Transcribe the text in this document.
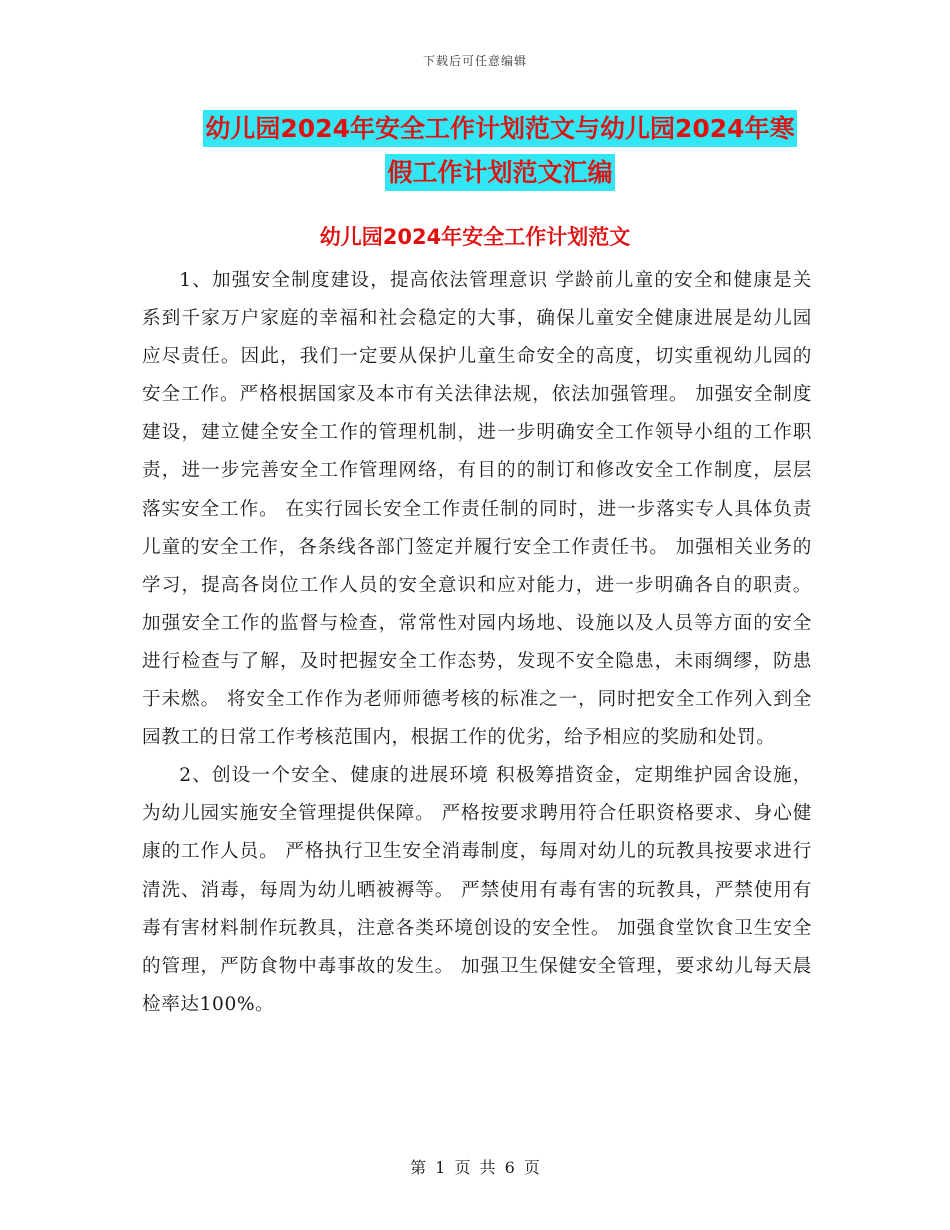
下载后可任意编辑
幼儿园2024年安全工作计划范文与幼儿园2024年寒
假工作计划范文汇编
幼儿园2024年安全工作计划范文

1、加强安全制度建设，提高依法管理意识 学龄前儿童的安全和健康是关系到千家万户家庭的幸福和社会稳定的大事，确保儿童安全健康进展是幼儿园应尽责任。因此，我们一定要从保护儿童生命安全的高度，切实重视幼儿园的安全工作。严格根据国家及本市有关法律法规，依法加强管理。 加强安全制度建设，建立健全安全工作的管理机制，进一步明确安全工作领导小组的工作职责，进一步完善安全工作管理网络，有目的的制订和修改安全工作制度，层层落实安全工作。 在实行园长安全工作责任制的同时，进一步落实专人具体负责儿童的安全工作，各条线各部门签定并履行安全工作责任书。 加强相关业务的学习，提高各岗位工作人员的安全意识和应对能力，进一步明确各自的职责。 加强安全工作的监督与检查，常常性对园内场地、设施以及人员等方面的安全进行检查与了解，及时把握安全工作态势，发现不安全隐患，未雨绸缪，防患于未燃。 将安全工作作为老师师德考核的标准之一，同时把安全工作列入到全园教工的日常工作考核范围内，根据工作的优劣，给予相应的奖励和处罚。

2、创设一个安全、健康的进展环境 积极筹措资金，定期维护园舍设施，为幼儿园实施安全管理提供保障。 严格按要求聘用符合任职资格要求、身心健康的工作人员。 严格执行卫生安全消毒制度，每周对幼儿的玩教具按要求进行清洗、消毒，每周为幼儿晒被褥等。 严禁使用有毒有害的玩教具，严禁使用有毒有害材料制作玩教具，注意各类环境创设的安全性。 加强食堂饮食卫生安全的管理，严防食物中毒事故的发生。 加强卫生保健安全管理，要求幼儿每天晨检率达100%。

第 1 页 共 6 页
